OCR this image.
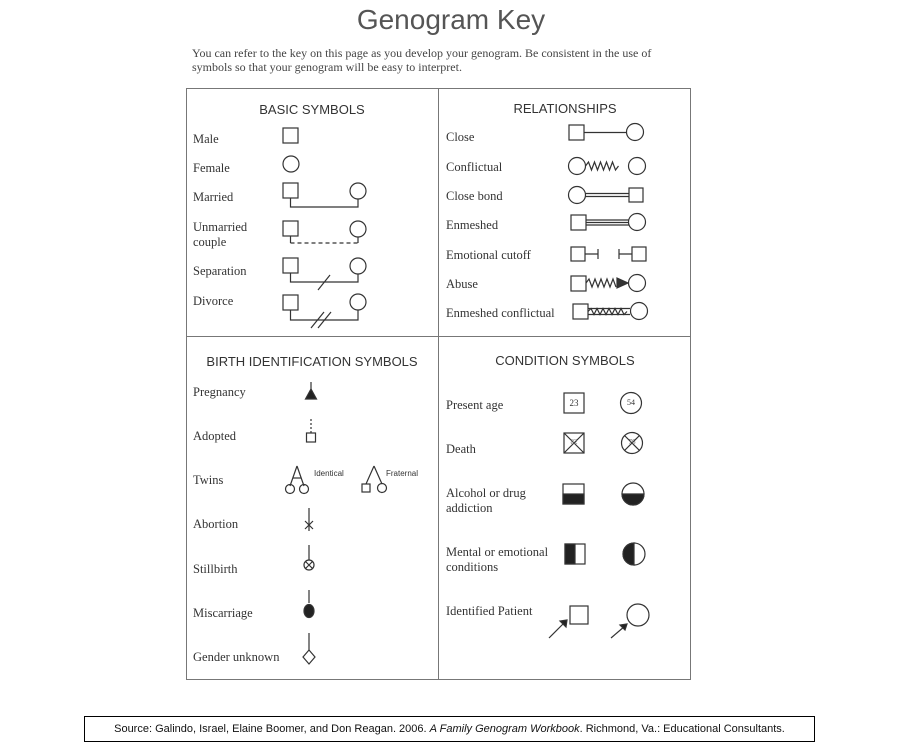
Genogram Key
You can refer to the key on this page as you develop your genogram. Be consistent in the use of symbols so that your genogram will be easy to interpret.
BASIC SYMBOLS	RELATIONSHIPS
BIRTH IDENTIFICATION SYMBOLS	CONDITION SYMBOLS
Male
Female
Married
Unmarried couple
Separation
Divorce
Close
Conflictual
Close bond
Enmeshed
Emotional cutoff
Abuse
Enmeshed conflictual
Pregnancy
Adopted
Twins
Abortion
Stillbirth
Miscarriage
Gender unknown
Identical	Fraternal
Present age
Death
Alcohol or drug addiction
Mental or emotional conditions
Identified Patient
23	54
82	76
Source: Galindo, Israel, Elaine Boomer, and Don Reagan. 2006. A Family Genogram Workbook . Richmond, Va.: Educational Consultants.
